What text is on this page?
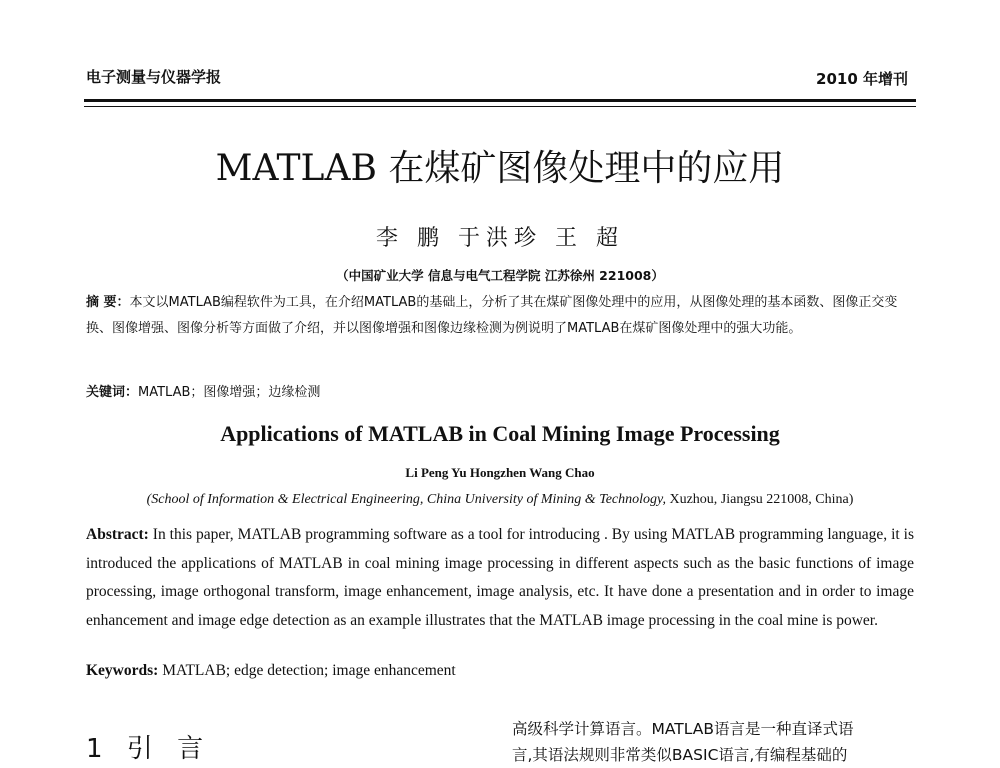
电子测量与仪器学报	2010 年增刊
MATLAB 在煤矿图像处理中的应用
李 鹏 于洪珍 王 超
（中国矿业大学 信息与电气工程学院 江苏徐州 221008）
摘 要：本文以MATLAB编程软件为工具，在介绍MATLAB的基础上，分析了其在煤矿图像处理中的应用，从图像处理的基本函数、图像正交变换、图像增强、图像分析等方面做了介绍，并以图像增强和图像边缘检测为例说明了MATLAB在煤矿图像处理中的强大功能。
关键词：MATLAB；图像增强；边缘检测
Applications of MATLAB in Coal Mining Image Processing
Li Peng Yu Hongzhen Wang Chao
(School of Information & Electrical Engineering, China University of Mining & Technology, Xuzhou, Jiangsu 221008, China)
Abstract: In this paper, MATLAB programming software as a tool for introducing . By using MATLAB programming language, it is introduced the applications of MATLAB in coal mining image processing in different aspects such as the basic functions of image processing, image orthogonal transform, image enhancement, image analysis, etc. It have done a presentation and in order to image enhancement and image edge detection as an example illustrates that the MATLAB image processing in the coal mine is power.
Keywords: MATLAB; edge detection; image enhancement
1 引 言
高级科学计算语言。MATLAB语言是一种直译式语
言,其语法规则非常类似BASIC语言,有编程基础的
